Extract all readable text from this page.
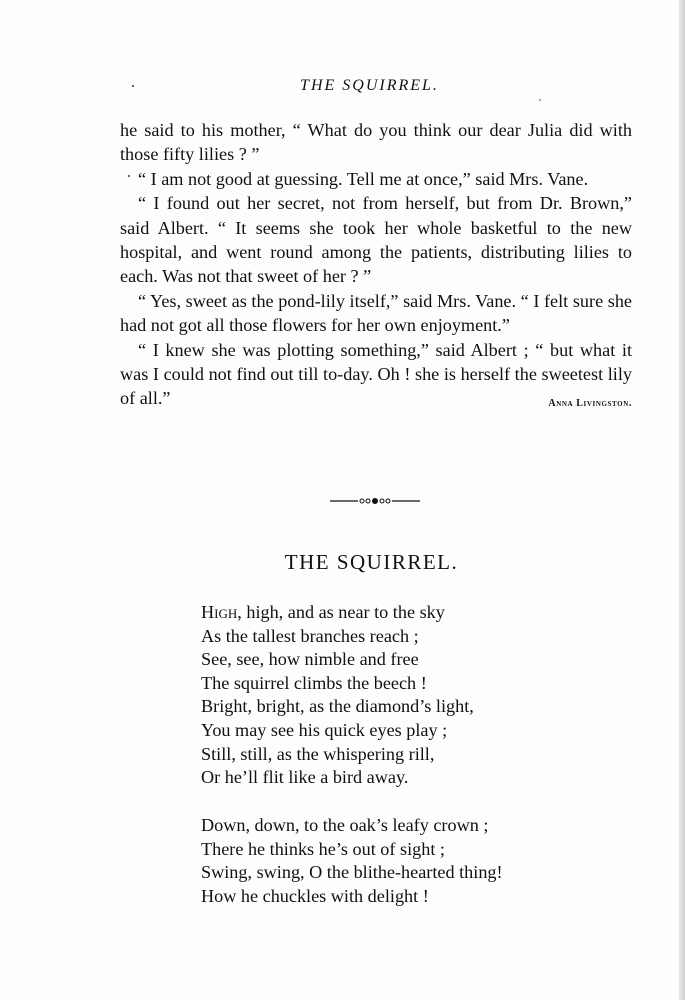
THE SQUIRREL.

he said to his mother, “ What do you think our dear Julia did with those fifty lilies ? ”

“ I am not good at guessing. Tell me at once,” said Mrs. Vane.

“ I found out her secret, not from herself, but from Dr. Brown,” said Albert. “ It seems she took her whole basketful to the new hospital, and went round among the patients, distributing lilies to each. Was not that sweet of her ? ”

“ Yes, sweet as the pond-lily itself,” said Mrs. Vane. “ I felt sure she had not got all those flowers for her own enjoyment.”

“ I knew she was plotting something,” said Albert ; “ but what it was I could not find out till to-day. Oh ! she is herself the sweetest lily of all.”	Anna Livingston.

THE SQUIRREL.
High, high, and as near to the sky
As the tallest branches reach ;
See, see, how nimble and free
The squirrel climbs the beech !
Bright, bright, as the diamond’s light,
You may see his quick eyes play ;
Still, still, as the whispering rill,
Or he’ll flit like a bird away.
Down, down, to the oak’s leafy crown ;
There he thinks he’s out of sight ;
Swing, swing, O the blithe-hearted thing!
How he chuckles with delight !
